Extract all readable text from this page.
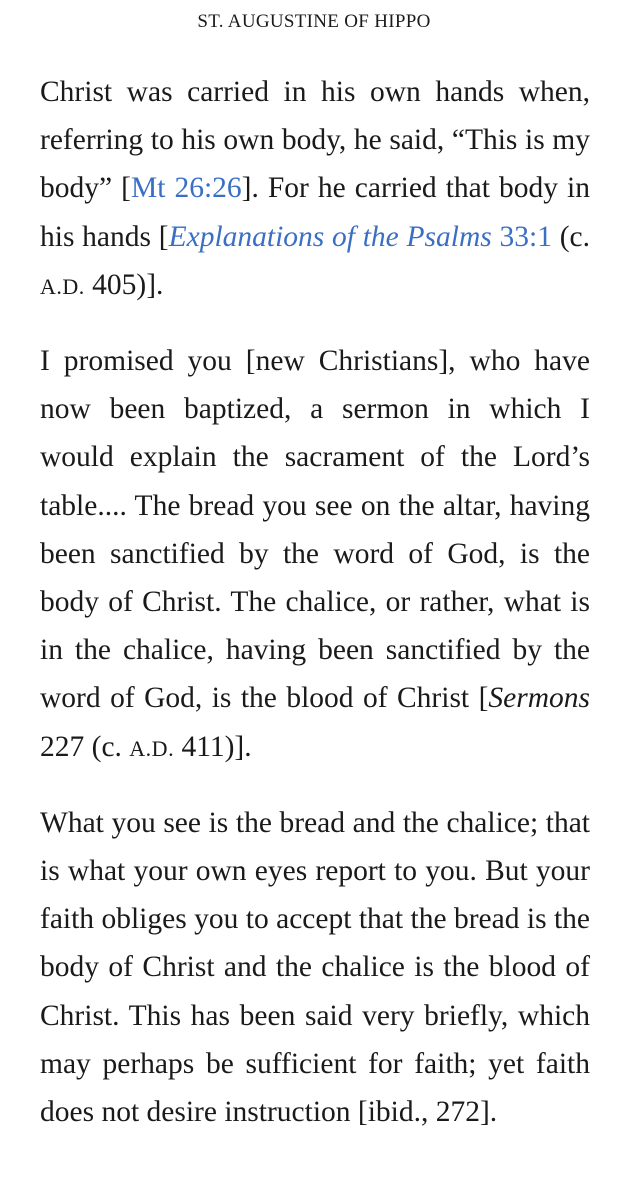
ST. AUGUSTINE OF HIPPO

Christ was carried in his own hands when, referring to his own body, he said, “This is my body” [Mt 26:26]. For he carried that body in his hands [Explanations of the Psalms 33:1 (c. A.D. 405)].

I promised you [new Christians], who have now been baptized, a sermon in which I would explain the sacrament of the Lord’s table.... The bread you see on the altar, having been sanctified by the word of God, is the body of Christ. The chalice, or rather, what is in the chalice, having been sanctified by the word of God, is the blood of Christ [Sermons 227 (c. A.D. 411)].

What you see is the bread and the chalice; that is what your own eyes report to you. But your faith obliges you to accept that the bread is the body of Christ and the chalice is the blood of Christ. This has been said very briefly, which may perhaps be sufficient for faith; yet faith does not desire instruction [ibid., 272].
